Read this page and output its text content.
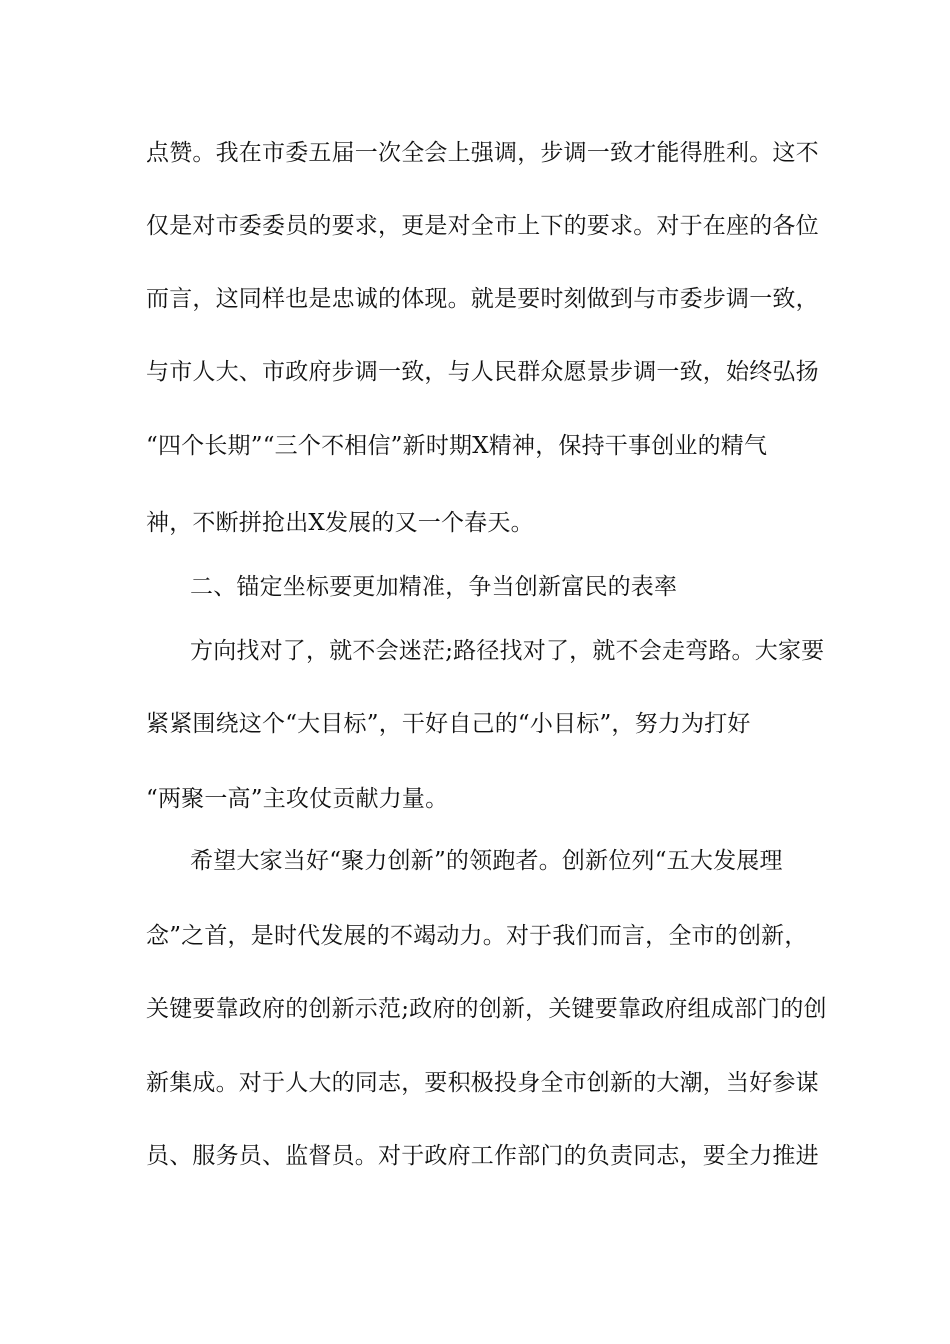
点赞。我在市委五届一次全会上强调，步调一致才能得胜利。这不
仅是对市委委员的要求，更是对全市上下的要求。对于在座的各位
而言，这同样也是忠诚的体现。就是要时刻做到与市委步调一致，
与市人大、市政府步调一致，与人民群众愿景步调一致，始终弘扬
“四个长期”“三个不相信”新时期X精神，保持干事创业的精气
神，不断拼抢出X发展的又一个春天。
二、锚定坐标要更加精准，争当创新富民的表率
方向找对了，就不会迷茫;路径找对了，就不会走弯路。大家要
紧紧围绕这个“大目标”，干好自己的“小目标”，努力为打好
“两聚一高”主攻仗贡献力量。
希望大家当好“聚力创新”的领跑者。创新位列“五大发展理
念”之首，是时代发展的不竭动力。对于我们而言，全市的创新，
关键要靠政府的创新示范;政府的创新，关键要靠政府组成部门的创
新集成。对于人大的同志，要积极投身全市创新的大潮，当好参谋
员、服务员、监督员。对于政府工作部门的负责同志，要全力推进
